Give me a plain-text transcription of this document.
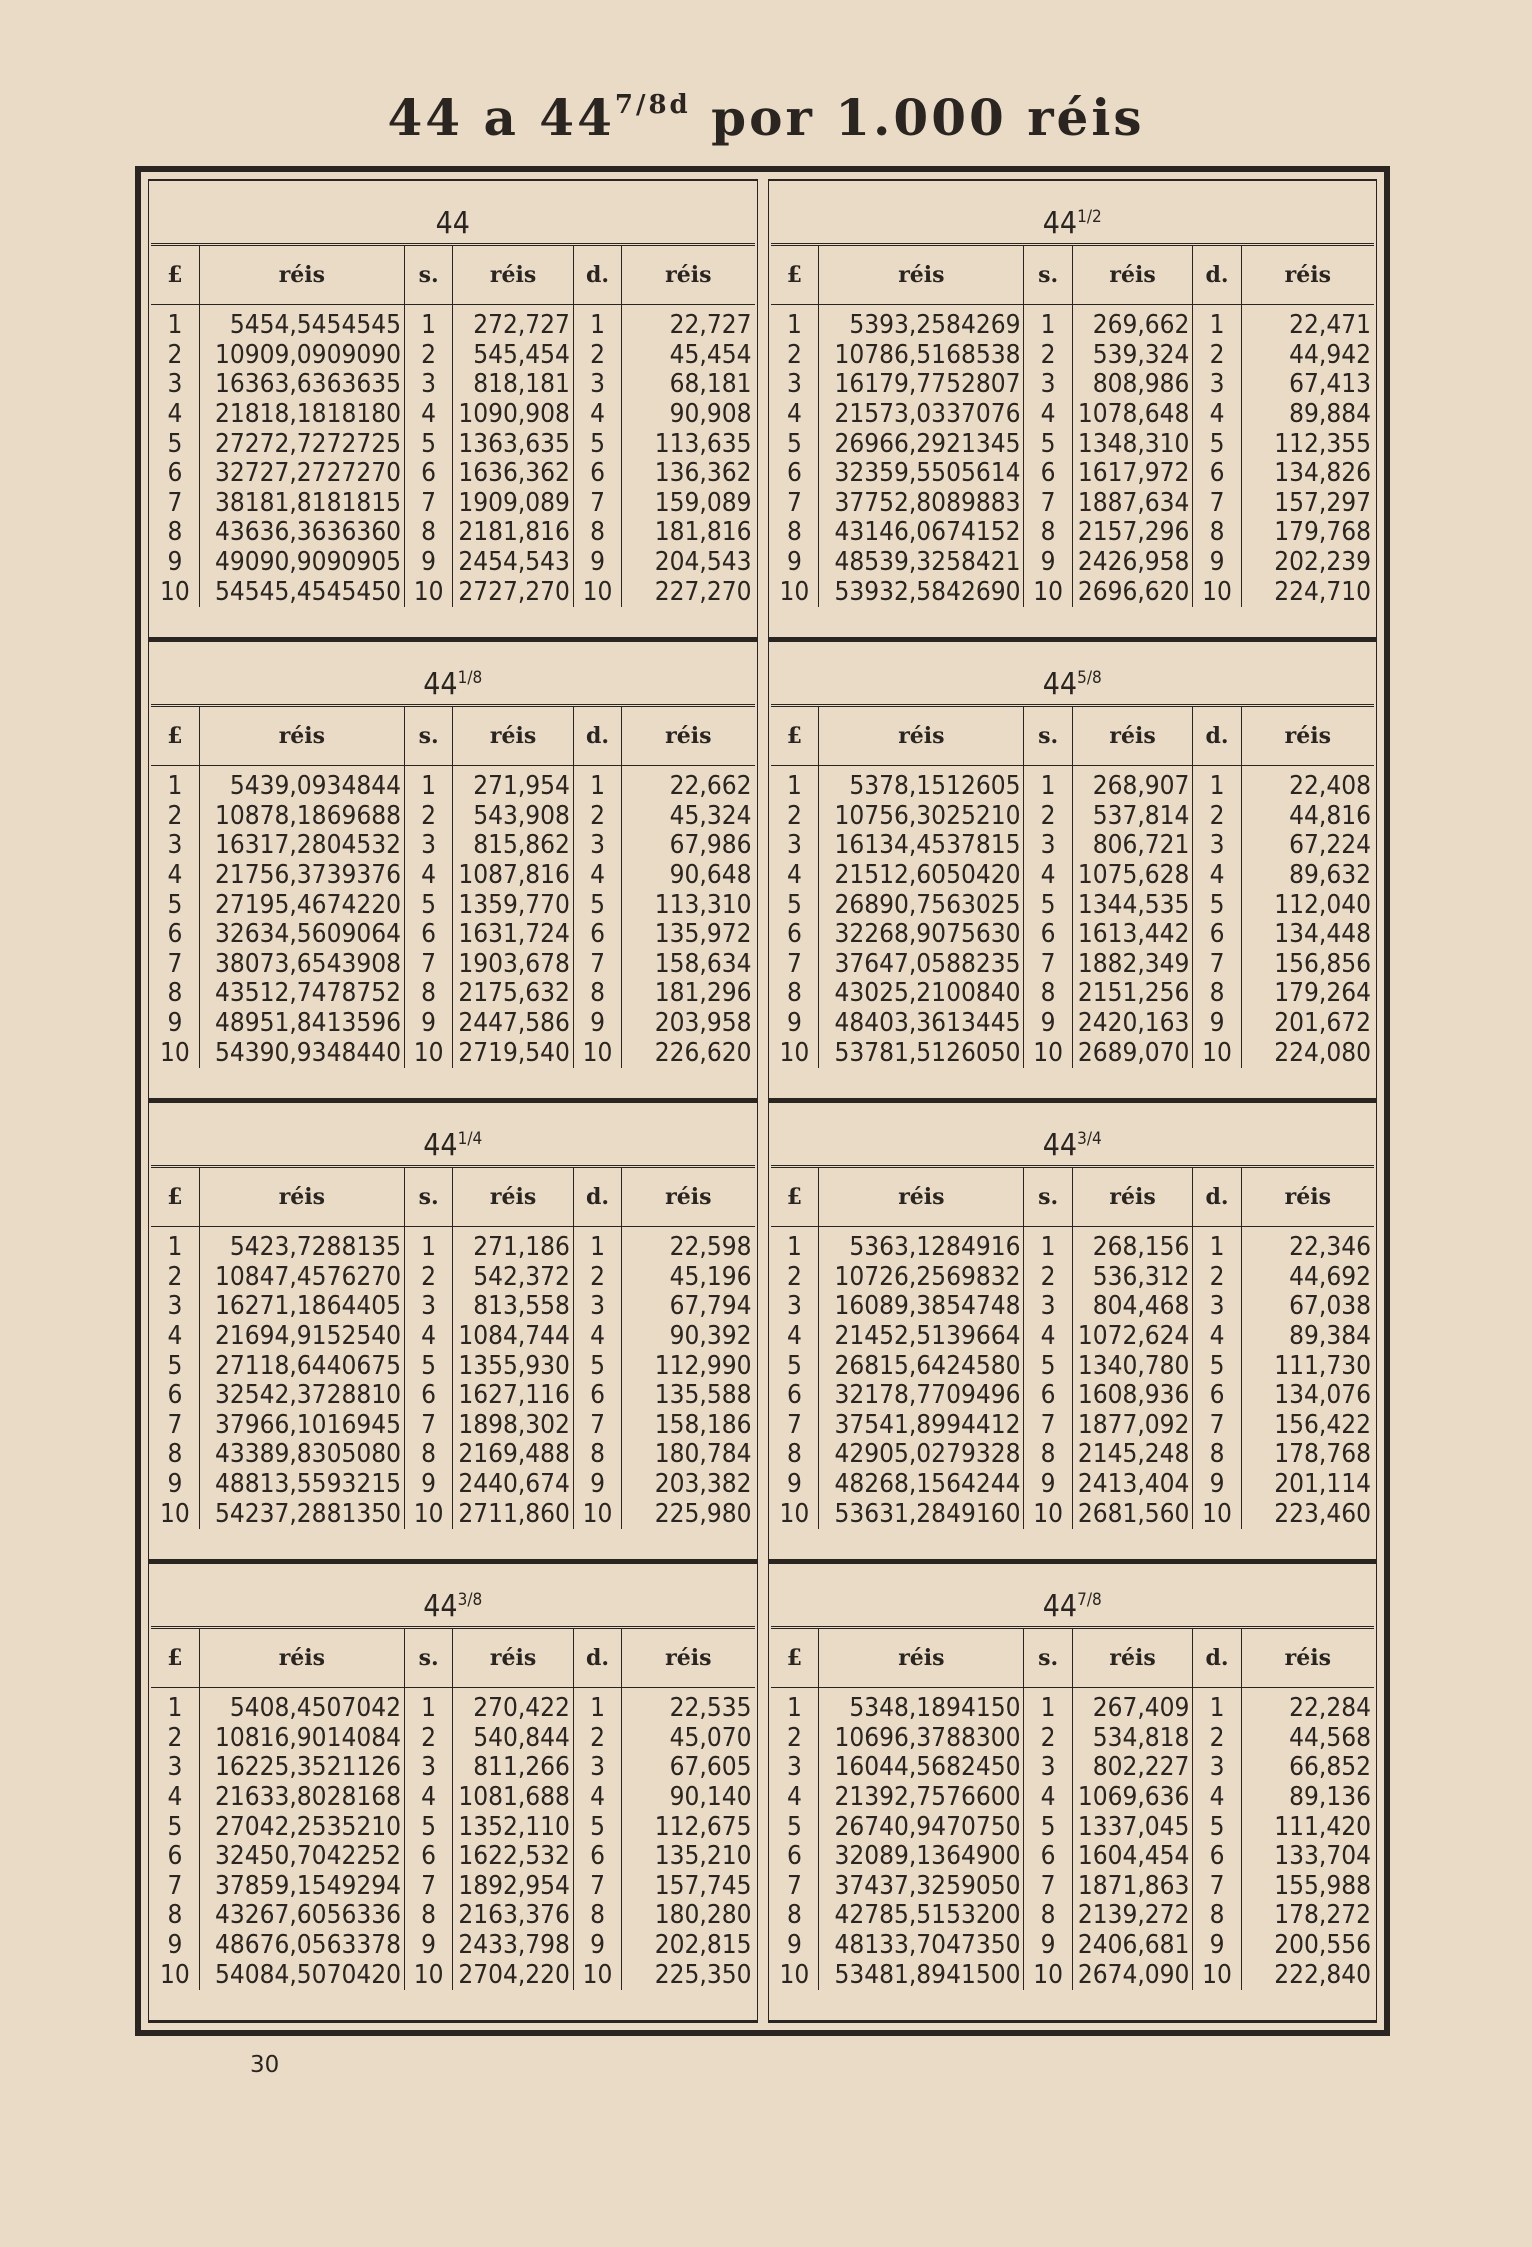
44 a $44^{7/8d}$ por 1.000 réis
44
£	réis	s.	réis	d.	réis
1	5454,5454545	1	272,727	1	22,727
2	10909,0909090	2	545,454	2	45,454
3	16363,6363635	3	818,181	3	68,181
4	21818,1818180	4	1090,908	4	90,908
5	27272,7272725	5	1363,635	5	113,635
6	32727,2727270	6	1636,362	6	136,362
7	38181,8181815	7	1909,089	7	159,089
8	43636,3636360	8	2181,816	8	181,816
9	49090,9090905	9	2454,543	9	204,543
10	54545,4545450	10	2727,270	10	227,270
$44^{1/2}$
£	réis	s.	réis	d.	réis
1	5393,2584269	1	269,662	1	22,471
2	10786,5168538	2	539,324	2	44,942
3	16179,7752807	3	808,986	3	67,413
4	21573,0337076	4	1078,648	4	89,884
5	26966,2921345	5	1348,310	5	112,355
6	32359,5505614	6	1617,972	6	134,826
7	37752,8089883	7	1887,634	7	157,297
8	43146,0674152	8	2157,296	8	179,768
9	48539,3258421	9	2426,958	9	202,239
10	53932,5842690	10	2696,620	10	224,710
$44^{1/8}$
£	réis	s.	réis	d.	réis
1	5439,0934844	1	271,954	1	22,662
2	10878,1869688	2	543,908	2	45,324
3	16317,2804532	3	815,862	3	67,986
4	21756,3739376	4	1087,816	4	90,648
5	27195,4674220	5	1359,770	5	113,310
6	32634,5609064	6	1631,724	6	135,972
7	38073,6543908	7	1903,678	7	158,634
8	43512,7478752	8	2175,632	8	181,296
9	48951,8413596	9	2447,586	9	203,958
10	54390,9348440	10	2719,540	10	226,620
$44^{5/8}$
£	réis	s.	réis	d.	réis
1	5378,1512605	1	268,907	1	22,408
2	10756,3025210	2	537,814	2	44,816
3	16134,4537815	3	806,721	3	67,224
4	21512,6050420	4	1075,628	4	89,632
5	26890,7563025	5	1344,535	5	112,040
6	32268,9075630	6	1613,442	6	134,448
7	37647,0588235	7	1882,349	7	156,856
8	43025,2100840	8	2151,256	8	179,264
9	48403,3613445	9	2420,163	9	201,672
10	53781,5126050	10	2689,070	10	224,080
$44^{1/4}$
£	réis	s.	réis	d.	réis
1	5423,7288135	1	271,186	1	22,598
2	10847,4576270	2	542,372	2	45,196
3	16271,1864405	3	813,558	3	67,794
4	21694,9152540	4	1084,744	4	90,392
5	27118,6440675	5	1355,930	5	112,990
6	32542,3728810	6	1627,116	6	135,588
7	37966,1016945	7	1898,302	7	158,186
8	43389,8305080	8	2169,488	8	180,784
9	48813,5593215	9	2440,674	9	203,382
10	54237,2881350	10	2711,860	10	225,980
$44^{3/4}$
£	réis	s.	réis	d.	réis
1	5363,1284916	1	268,156	1	22,346
2	10726,2569832	2	536,312	2	44,692
3	16089,3854748	3	804,468	3	67,038
4	21452,5139664	4	1072,624	4	89,384
5	26815,6424580	5	1340,780	5	111,730
6	32178,7709496	6	1608,936	6	134,076
7	37541,8994412	7	1877,092	7	156,422
8	42905,0279328	8	2145,248	8	178,768
9	48268,1564244	9	2413,404	9	201,114
10	53631,2849160	10	2681,560	10	223,460
$44^{3/8}$
£	réis	s.	réis	d.	réis
1	5408,4507042	1	270,422	1	22,535
2	10816,9014084	2	540,844	2	45,070
3	16225,3521126	3	811,266	3	67,605
4	21633,8028168	4	1081,688	4	90,140
5	27042,2535210	5	1352,110	5	112,675
6	32450,7042252	6	1622,532	6	135,210
7	37859,1549294	7	1892,954	7	157,745
8	43267,6056336	8	2163,376	8	180,280
9	48676,0563378	9	2433,798	9	202,815
10	54084,5070420	10	2704,220	10	225,350
$44^{7/8}$
£	réis	s.	réis	d.	réis
1	5348,1894150	1	267,409	1	22,284
2	10696,3788300	2	534,818	2	44,568
3	16044,5682450	3	802,227	3	66,852
4	21392,7576600	4	1069,636	4	89,136
5	26740,9470750	5	1337,045	5	111,420
6	32089,1364900	6	1604,454	6	133,704
7	37437,3259050	7	1871,863	7	155,988
8	42785,5153200	8	2139,272	8	178,272
9	48133,7047350	9	2406,681	9	200,556
10	53481,8941500	10	2674,090	10	222,840
30
